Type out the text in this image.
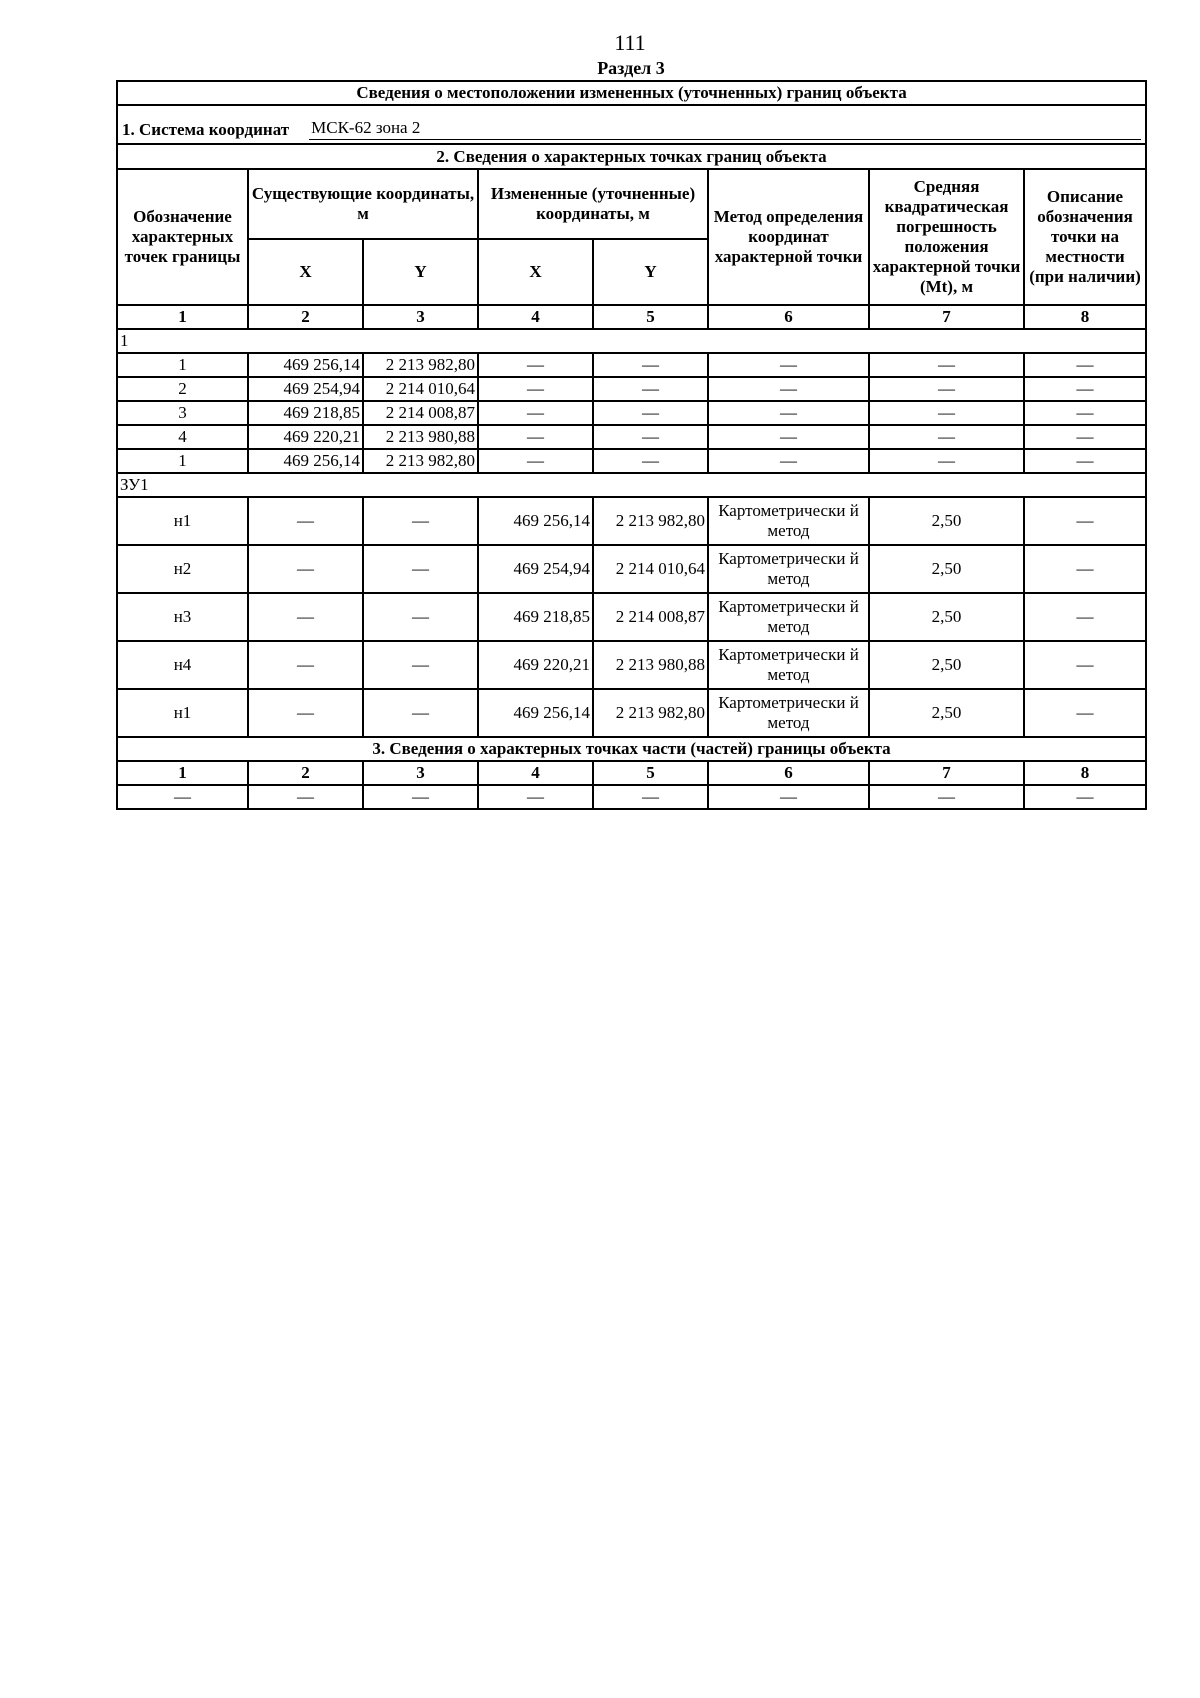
111
Раздел 3
Сведения о местоположении измененных (уточненных) границ объекта							

1. Система координат МСК-62 зона 2							

2. Сведения о характерных точках границ объекта							
Обозначение характерных точек границы	Существующие координаты, м		Измененные (уточненные) координаты, м		Метод определения координат характерной точки	Средняя квадратическая погрешность положения характерной точки (Mt), м	Описание обозначения точки на местности (при наличии)
	X	Y	X	Y			
1	2	3	4	5	6	7	8
1							
1	469 256,14	2 213 982,80	—	—	—	—	—
2	469 254,94	2 214 010,64	—	—	—	—	—
3	469 218,85	2 214 008,87	—	—	—	—	—
4	469 220,21	2 213 980,88	—	—	—	—	—
1	469 256,14	2 213 982,80	—	—	—	—	—
ЗУ1							
н1	—	—	469 256,14	2 213 982,80	Картометрически й метод	2,50	—
н2	—	—	469 254,94	2 214 010,64	Картометрически й метод	2,50	—
н3	—	—	469 218,85	2 214 008,87	Картометрически й метод	2,50	—
н4	—	—	469 220,21	2 213 980,88	Картометрически й метод	2,50	—
н1	—	—	469 256,14	2 213 982,80	Картометрически й метод	2,50	—
3. Сведения о характерных точках части (частей) границы объекта							
1	2	3	4	5	6	7	8
—	—	—	—	—	—	—	—
